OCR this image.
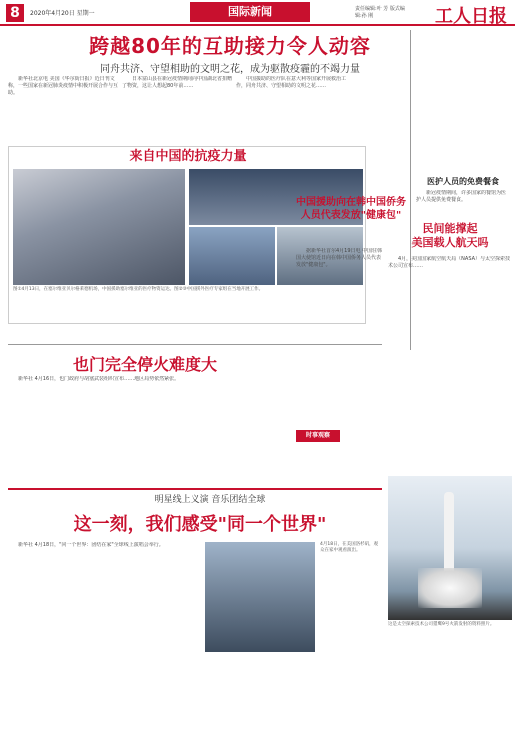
8	2020年4月20日 星期一	国际新闻	责任编辑:叶 芳 版式编辑:孙 刚	工人日报
跨越80年的互助接力令人动容
同舟共济、守望相助的文明之花，成为驱散疫霾的不竭力量

新华社北京电 美国《华尔街日报》近日刊文称，一些国家在新冠肺炎疫情中积极开展合作与互助。

日本富山县在新冠疫情期间向中国湖北省捐赠了物资，这让人想起80年前……

中国援助的医疗队在意大利等国家开展救治工作，同舟共济、守望相助的文明之花……

医护人员的免费餐食

新冠疫情期间，许多国家的餐馆为医护人员提供免费餐食。

来自中国的抗疫力量
图①4月13日，在塞尔维亚贝尔格莱德机场，中国援助塞尔维亚的医疗物资运达。图②③中国援外医疗专家组在当地开展工作。
中国援助向在韩中国侨务
人员代表发放"健康包"
民间能撑起
美国载人航天吗

4月，美国国家航空航天局（NASA）与太空探索技术公司宣布……

据新华社首尔4月19日电 中国驻韩国大使馆近日向在韩中国侨务人员代表发放"健康包"。

也门完全停火难度大

新华社 4月16日，也门政府与胡塞武装组织宣布……地区局势依然紧张。

时事观察
这是太空探索技术公司猎鹰9号火箭发射的资料照片。
明星线上义演 音乐团结全球
这一刻，我们感受"同一个世界"

新华社 4月18日，"同一个世界：团结在家"全球线上演唱会举行。	4月18日，在美国洛杉矶，观众在家中观看演出。
